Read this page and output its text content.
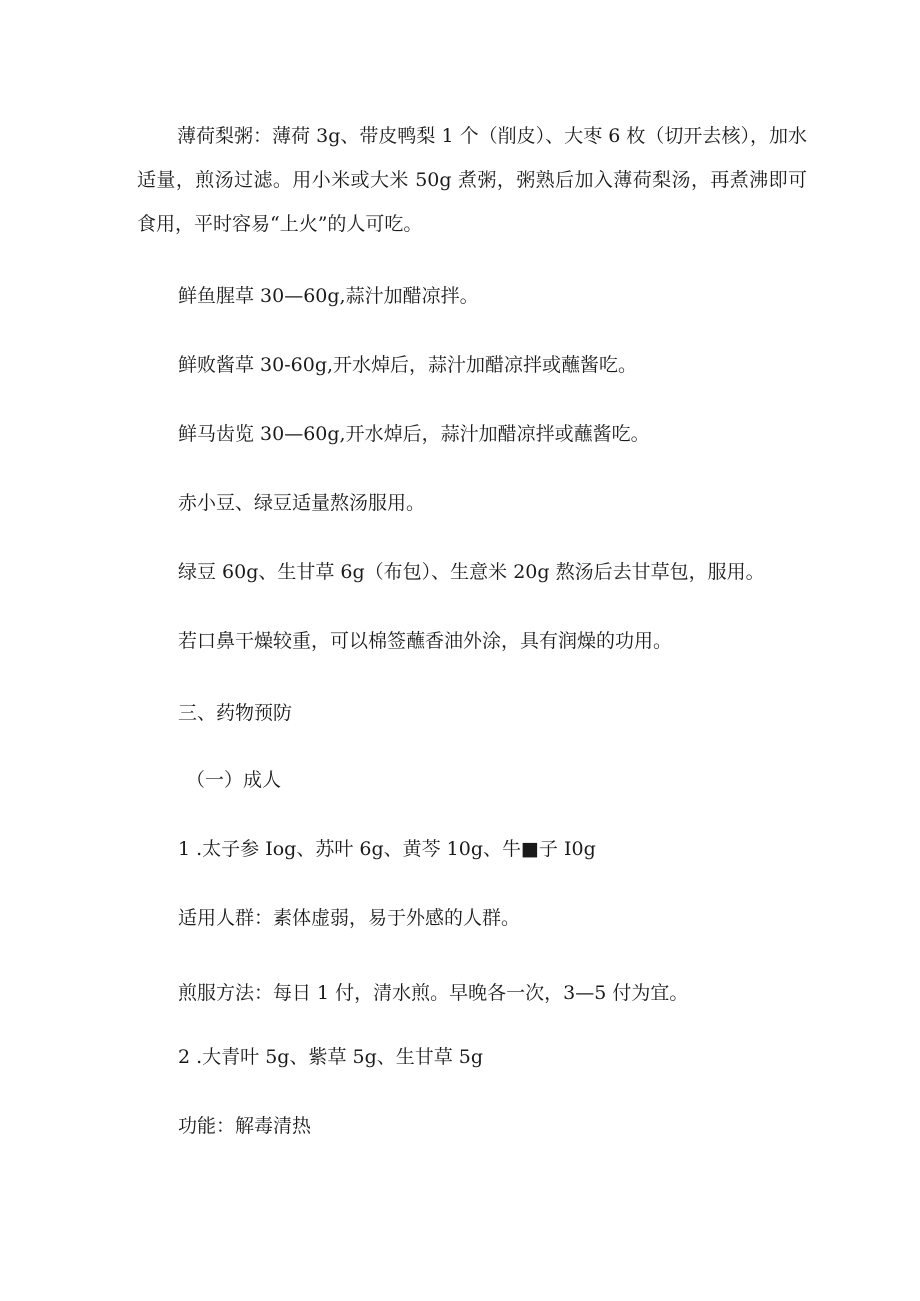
薄荷梨粥：薄荷 3g、带皮鸭梨 1 个（削皮）、大枣 6 枚（切开去核），加水适量，煎汤过滤。用小米或大米 50g 煮粥，粥熟后加入薄荷梨汤，再煮沸即可食用，平时容易“上火”的人可吃。

鲜鱼腥草 30—60g,蒜汁加醋凉拌。

鲜败酱草 30-60g,开水焯后，蒜汁加醋凉拌或蘸酱吃。

鲜马齿览 30—60g,开水焯后，蒜汁加醋凉拌或蘸酱吃。

赤小豆、绿豆适量熬汤服用。

绿豆 60g、生甘草 6g（布包）、生意米 20g 熬汤后去甘草包，服用。

若口鼻干燥较重，可以棉签蘸香油外涂，具有润燥的功用。

三、药物预防

（一）成人

1 .太子参 Iog、苏叶 6g、黄芩 10g、牛■子 I0g

适用人群：素体虚弱，易于外感的人群。

煎服方法：每日 1 付，清水煎。早晚各一次，3—5 付为宜。

2 .大青叶 5g、紫草 5g、生甘草 5g

功能：解毒清热
